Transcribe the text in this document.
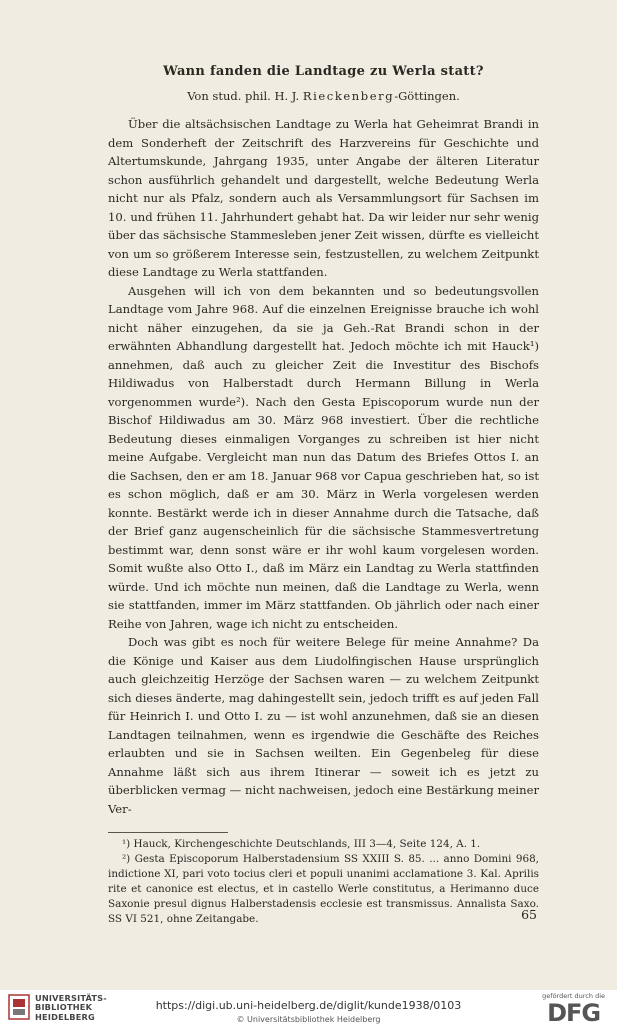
Wann fanden die Landtage zu Werla statt?
Von stud. phil. H. J. Rieckenberg-Göttingen.

Über die altsächsischen Landtage zu Werla hat Geheimrat Brandi in dem Sonderheft der Zeitschrift des Harzvereins für Geschichte und Altertumskunde, Jahrgang 1935, unter Angabe der älteren Literatur schon ausführlich gehandelt und dargestellt, welche Bedeutung Werla nicht nur als Pfalz, sondern auch als Versammlungsort für Sachsen im 10. und frühen 11. Jahrhundert gehabt hat. Da wir leider nur sehr wenig über das sächsische Stammesleben jener Zeit wissen, dürfte es vielleicht von um so größerem Interesse sein, festzustellen, zu welchem Zeitpunkt diese Landtage zu Werla stattfanden.

Ausgehen will ich von dem bekannten und so bedeutungsvollen Landtage vom Jahre 968. Auf die einzelnen Ereignisse brauche ich wohl nicht näher einzugehen, da sie ja Geh.-Rat Brandi schon in der erwähnten Abhandlung dargestellt hat. Jedoch möchte ich mit Hauck¹) annehmen, daß auch zu gleicher Zeit die Investitur des Bischofs Hildiwadus von Halberstadt durch Hermann Billung in Werla vorgenommen wurde²). Nach den Gesta Episcoporum wurde nun der Bischof Hildiwadus am 30. März 968 investiert. Über die rechtliche Bedeutung dieses einmaligen Vorganges zu schreiben ist hier nicht meine Aufgabe. Vergleicht man nun das Datum des Briefes Ottos I. an die Sachsen, den er am 18. Januar 968 vor Capua geschrieben hat, so ist es schon möglich, daß er am 30. März in Werla vorgelesen werden konnte. Bestärkt werde ich in dieser Annahme durch die Tatsache, daß der Brief ganz augenscheinlich für die sächsische Stammesvertretung bestimmt war, denn sonst wäre er ihr wohl kaum vorgelesen worden. Somit wußte also Otto I., daß im März ein Landtag zu Werla stattfinden würde. Und ich möchte nun meinen, daß die Landtage zu Werla, wenn sie stattfanden, immer im März stattfanden. Ob jährlich oder nach einer Reihe von Jahren, wage ich nicht zu entscheiden.

Doch was gibt es noch für weitere Belege für meine Annahme? Da die Könige und Kaiser aus dem Liudolfingischen Hause ursprünglich auch gleichzeitig Herzöge der Sachsen waren — zu welchem Zeitpunkt sich dieses änderte, mag dahingestellt sein, jedoch trifft es auf jeden Fall für Heinrich I. und Otto I. zu — ist wohl anzunehmen, daß sie an diesen Landtagen teilnahmen, wenn es irgendwie die Geschäfte des Reiches erlaubten und sie in Sachsen weilten. Ein Gegenbeleg für diese Annahme läßt sich aus ihrem Itinerar — soweit ich es jetzt zu überblicken vermag — nicht nachweisen, jedoch eine Bestärkung meiner Ver-

¹) Hauck, Kirchengeschichte Deutschlands, III 3—4, Seite 124, A. 1.

²) Gesta Episcoporum Halberstadensium SS XXIII S. 85. ... anno Domini 968, indictione XI, pari voto tocius cleri et populi unanimi acclamatione 3. Kal. Aprilis rite et canonice est electus, et in castello Werle constitutus, a Herimanno duce Saxonie presul dignus Halberstadensis ecclesie est transmissus. Annalista Saxo. SS VI 521, ohne Zeitangabe.	65
UNIVERSITÄTS-
BIBLIOTHEK
HEIDELBERG
https://digi.ub.uni-heidelberg.de/diglit/kunde1938/0103
© Universitätsbibliothek Heidelberg
gefördert durch die
DFG
